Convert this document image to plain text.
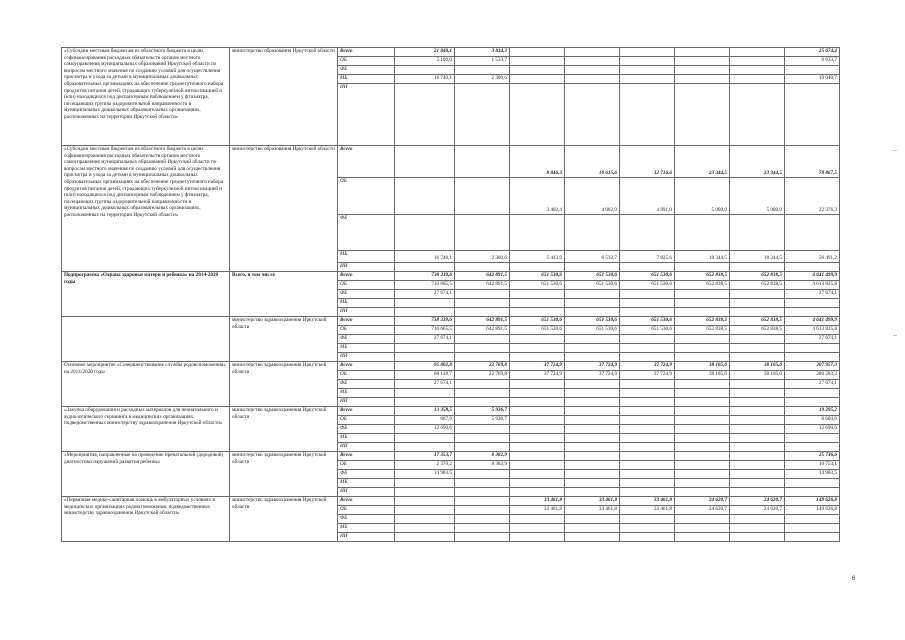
«Субсидии местным бюджетам из областного бюджета в целях софинансирования расходных обязательств органов местного самоуправления муниципальных образований Иркутской области по вопросам местного значения по созданию условий для осуществления присмотра и ухода за детьми в муниципальных дошкольных образовательных организациях на обеспечение среднесуточного набора продуктов питания детей, страдающих туберкулезной интоксикацией и (или) находящихся под диспансерным наблюдением у фтизиатра, посещающих группы оздоровительной направленности в муниципальных дошкольных образовательных организациях, расположенных на территории Иркутской области»	министерство образования Иркутской области	Всего	21 840,1	3 834,3						25 674,4
		ОБ	5 100,0	1 533,7						6 633,7
		ФБ								
		МБ	16 740,1	2 300,6						19 040,7
		ИИ								
«Субсидии местным бюджетам из областного бюджета в целях софинансирования расходных обязательств органов местного самоуправления муниципальных образований Иркутской области по вопросам местного значения по созданию условий для осуществления присмотра и ухода за детьми в муниципальных дошкольных образовательных организациях на обеспечение среднесуточного набора продуктов питания детей, страдающих туберкулезной интоксикацией и (или) находящихся под диспансерным наблюдением у фтизиатра, посещающих группы оздоровительной направленности в муниципальных дошкольных образовательных организациях, расположенных на территории Иркутской области»	министерство образования Иркутской области	Всего			8 846,3	10 615,6	12 716,6	23 344,5	23 344,5	78 867,5
		ОБ			3 402,4	4 082,9	4 891,0	5 000,0	5 000,0	22 376,3
		ФБ								
		МБ	16 740,1	2 300,6	5 443,9	6 532,7	7 825,6	18 344,5	18 344,5	56 491,2
		ИИ								
Подпрограмма «Охрана здоровья матери и ребенка» на 2014-2020 годы	Всего, в том числе	Всего	738 339,6	642 891,5	651 530,6	651 530,6	651 530,6	652 838,5	652 838,5	4 641 499,9
		ОБ	710 665,5	642 891,5	651 530,6	651 530,6	651 530,6	652 838,5	652 838,5	4 613 825,8
		ФБ	27 674,1							27 674,1
		МБ								
		ИИ								
	министерство здравоохранения Иркутской области	Всего	738 339,6	642 891,5	651 530,6	651 530,6	651 530,6	652 838,5	652 838,5	4 641 499,9
		ОБ	710 665,5	642 891,5	651 530,6	651 530,6	651 530,6	652 838,5	652 838,5	4 613 825,8
		ФБ	27 674,1							27 674,1
		МБ								
		ИИ								
Основное мероприятие «Совершенствование службы родовспоможения» на 2014-2020 годы	министерство здравоохранения Иркутской области	Всего	95 802,8	22 769,8	37 724,9	37 724,9	37 724,9	38 105,0	38 105,0	307 957,3
		ОБ	68 128,7	22 769,8	37 724,9	37 724,9	37 724,9	38 105,0	38 105,0	280 283,2
		ФБ	27 674,1							27 674,1
		МБ								
		ИИ								
«Закупка оборудования и расходных материалов для неонатального и аудиологического скрининга в медицинских организациях, подведомственных министерству здравоохранения Иркутской области»	министерство здравоохранения Иркутской области	Всего	13 358,5	5 936,7						19 295,2
		ОБ	667,9	5 936,7						6 604,6
		ФБ	12 690,6							12 690,6
		МБ								
		ИИ								
«Мероприятия, направленные на проведение пренатальной (дородовой) диагностики нарушений развития ребенка»	министерство здравоохранения Иркутской области	Всего	17 353,7	8 382,9						25 736,6
		ОБ	2 370,2	8 382,9						10 753,1
		ФБ	14 983,5							14 983,5
		МБ								
		ИИ								
«Первичная медико-санитарная помощь в амбулаторных условиях в медицинских организациях родовспоможения, подведомственных министерству здравоохранения Иркутской области»	министерство здравоохранения Иркутской области	Всего			33 461,8	33 461,8	33 461,8	24 620,7	24 620,7	149 626,8
		ОБ			33 461,8	33 461,8	33 461,8	24 620,7	24 620,7	149 626,8
		ФБ								
		МБ								
		ИИ								
6
